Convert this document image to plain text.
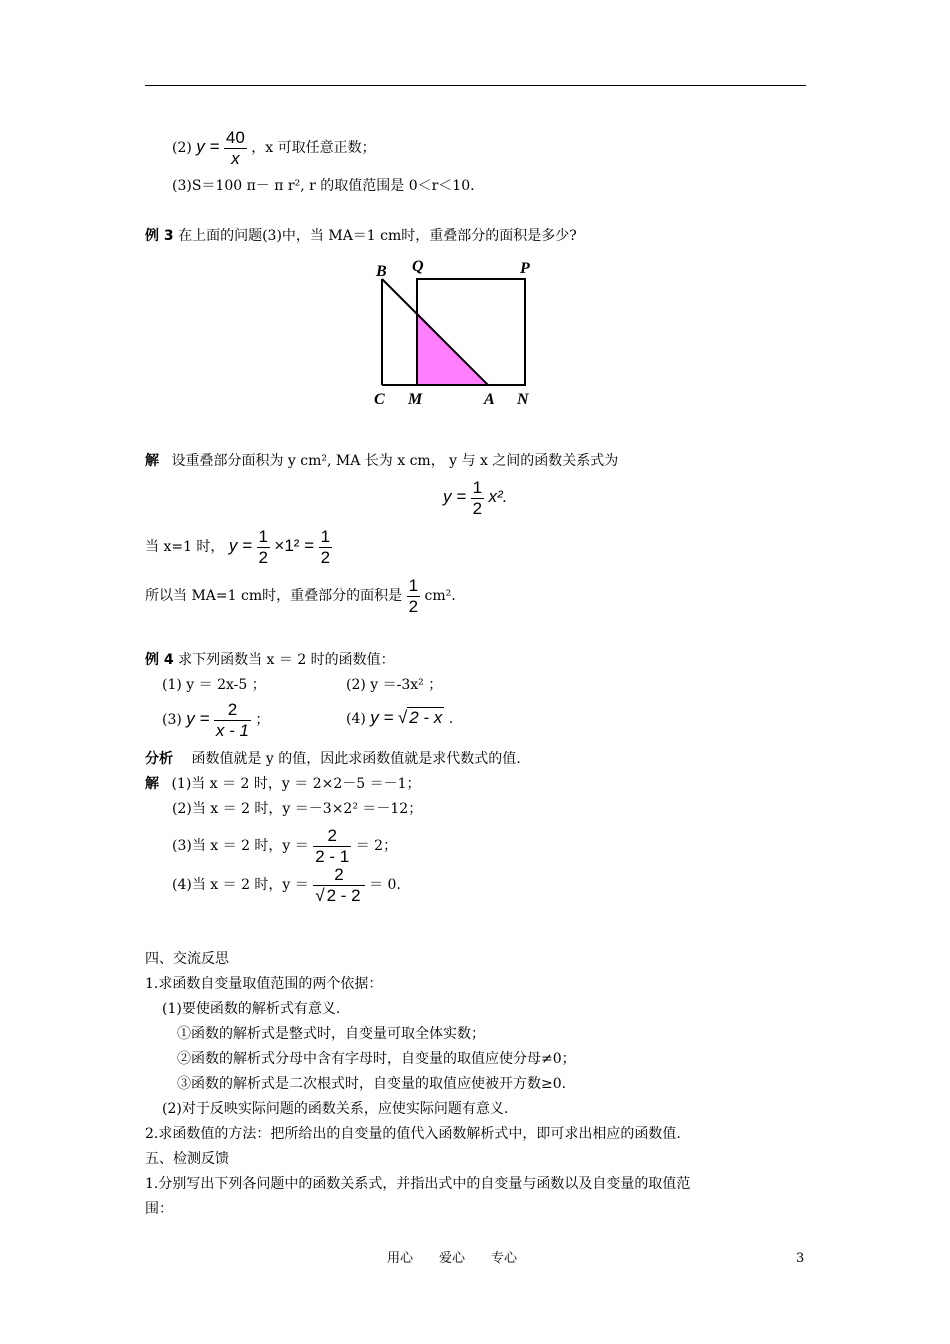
(2) $y = \frac{40}{x}$ ，x 可取任意正数；
(3)S＝100 π－ π r², r 的取值范围是 0＜r＜10.
例 3 在上面的问题(3)中，当 MA＝1 cm时，重叠部分的面积是多少?
B Q	P
C M	A N
解 设重叠部分面积为 y cm², MA 长为 x cm， y 与 x 之间的函数关系式为
$y = \frac{1}{2} x^2$.
当 x=1 时， $y = \frac{1}{2} \times 1^2 = \frac{1}{2}$
所以当 MA=1 cm时，重叠部分的面积是 $\frac{1}{2} cm^2$.
例 4 求下列函数当 x ＝ 2 时的函数值：
(1) y ＝ 2x-5 ；	(2) y ＝-3x² ；
(3) $y = \frac{2}{x - 1}$ ；	(4) y = √ 2 - x .
分析 函数值就是 y 的值，因此求函数值就是求代数式的值.
解 (1)当 x ＝ 2 时，y ＝ 2×2－5 ＝－1；
(2)当 x ＝ 2 时，y ＝－3×2² ＝－12；
(3)当 x ＝ 2 时，$y = \frac{2}{2 - 1} = 2$；
(4)当 x ＝ 2 时，$y = \frac{2}{√ 2 - 2} = 0$.
四、交流反思
1.求函数自变量取值范围的两个依据：
(1)要使函数的解析式有意义.
①函数的解析式是整式时，自变量可取全体实数；
②函数的解析式分母中含有字母时，自变量的取值应使分母≠0；
③函数的解析式是二次根式时，自变量的取值应使被开方数≥0.
(2)对于反映实际问题的函数关系，应使实际问题有意义.
2.求函数值的方法：把所给出的自变量的值代入函数解析式中，即可求出相应的函数值.
五、检测反馈
1.分别写出下列各问题中的函数关系式，并指出式中的自变量与函数以及自变量的取值范
围：
用心　　爱心　　专心	3
